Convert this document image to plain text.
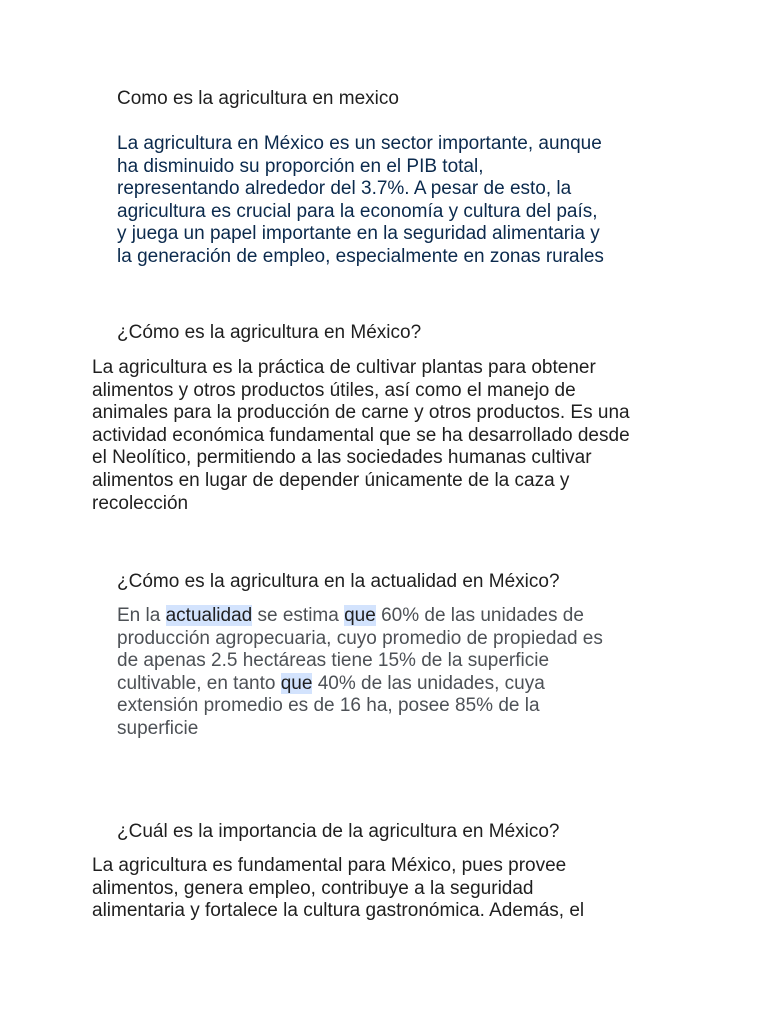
Como es la agricultura en mexico

La agricultura en México es un sector importante, aunque
ha disminuido su proporción en el PIB total,
representando alrededor del 3.7%. A pesar de esto, la
agricultura es crucial para la economía y cultura del país,
y juega un papel importante en la seguridad alimentaria y
la generación de empleo, especialmente en zonas rurales

¿Cómo es la agricultura en México?

La agricultura es la práctica de cultivar plantas para obtener
alimentos y otros productos útiles, así como el manejo de
animales para la producción de carne y otros productos. Es una
actividad económica fundamental que se ha desarrollado desde
el Neolítico, permitiendo a las sociedades humanas cultivar
alimentos en lugar de depender únicamente de la caza y
recolección

¿Cómo es la agricultura en la actualidad en México?

En la actualidad se estima que 60% de las unidades de
producción agropecuaria, cuyo promedio de propiedad es
de apenas 2.5 hectáreas tiene 15% de la superficie
cultivable, en tanto que 40% de las unidades, cuya
extensión promedio es de 16 ha, posee 85% de la
superficie

¿Cuál es la importancia de la agricultura en México?

La agricultura es fundamental para México, pues provee
alimentos, genera empleo, contribuye a la seguridad
alimentaria y fortalece la cultura gastronómica. Además, el
